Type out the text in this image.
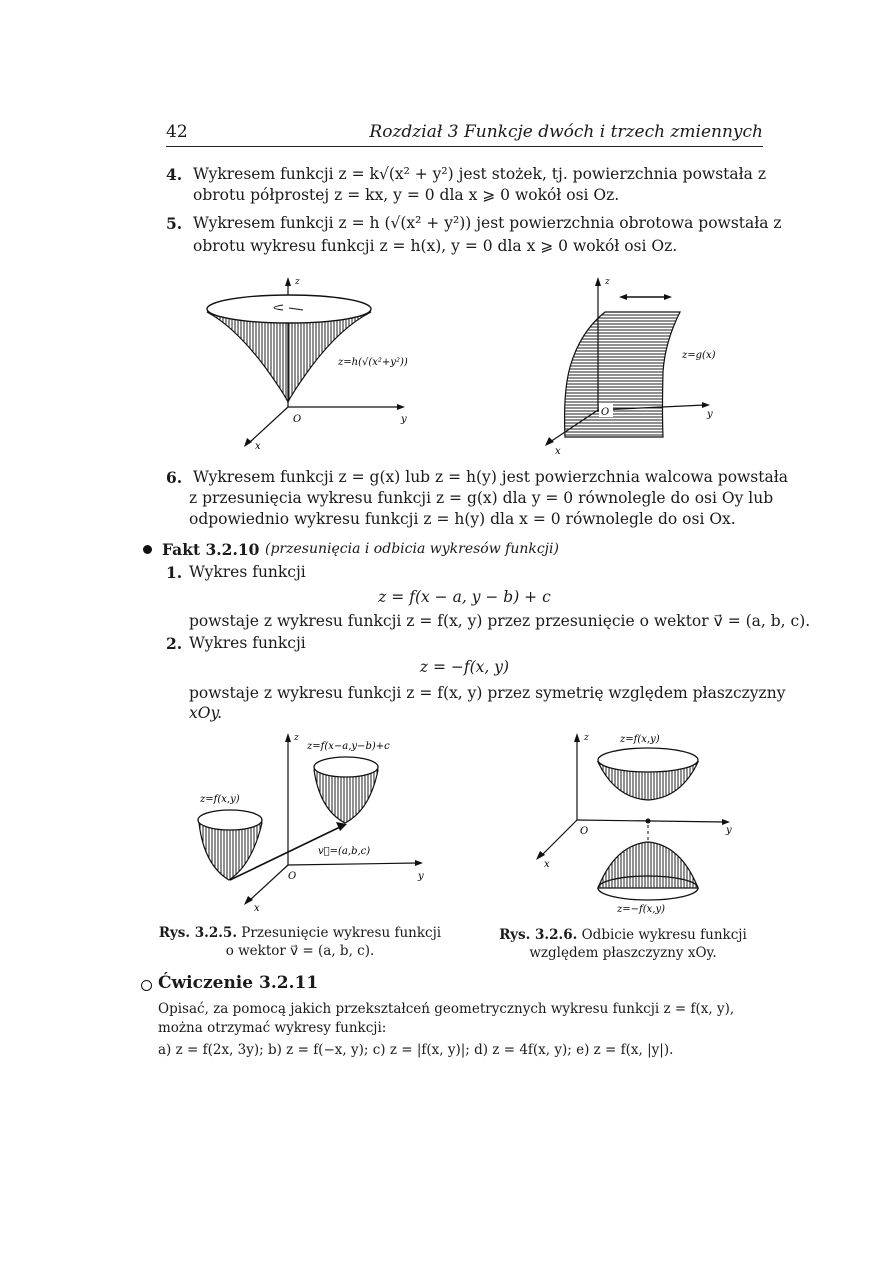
42	Rozdział 3 Funkcje dwóch i trzech zmiennych
4. Wykresem funkcji z = k√(x² + y²) jest stożek, tj. powierzchnia powstała z
obrotu półprostej z = kx, y = 0 dla x ⩾ 0 wokół osi Oz.
5. Wykresem funkcji z = h (√(x² + y²)) jest powierzchnia obrotowa powstała z
obrotu wykresu funkcji z = h(x), y = 0 dla x ⩾ 0 wokół osi Oz.
z
O	y
x
z=h(√(x²+y²))
z
O	y
x
z=g(x)
6. Wykresem funkcji z = g(x) lub z = h(y) jest powierzchnia walcowa powstała
z przesunięcia wykresu funkcji z = g(x) dla y = 0 równolegle do osi Oy lub
odpowiednio wykresu funkcji z = h(y) dla x = 0 równolegle do osi Ox.
Fakt 3.2.10 (przesunięcia i odbicia wykresów funkcji)
1. Wykres funkcji
z = f(x − a, y − b) + c
powstaje z wykresu funkcji z = f(x, y) przez przesunięcie o wektor v⃗ = (a, b, c).
2. Wykres funkcji
z = −f(x, y)
powstaje z wykresu funkcji z = f(x, y) przez symetrię względem płaszczyzny
xOy.
z
z=f(x−a,y−b)+c
z=f(x,y)
v⃗=(a,b,c)
O	y
x
z	z=f(x,y)
O	y
x
z=−f(x,y)
Rys. 3.2.5. Przesunięcie wykresu funkcji
o wektor v⃗ = (a, b, c).
Rys. 3.2.6. Odbicie wykresu funkcji
względem płaszczyzny xOy.
Ćwiczenie 3.2.11
Opisać, za pomocą jakich przekształceń geometrycznych wykresu funkcji z = f(x, y),
można otrzymać wykresy funkcji:
a) z = f(2x, 3y); b) z = f(−x, y); c) z = |f(x, y)|; d) z = 4f(x, y); e) z = f(x, |y|).
